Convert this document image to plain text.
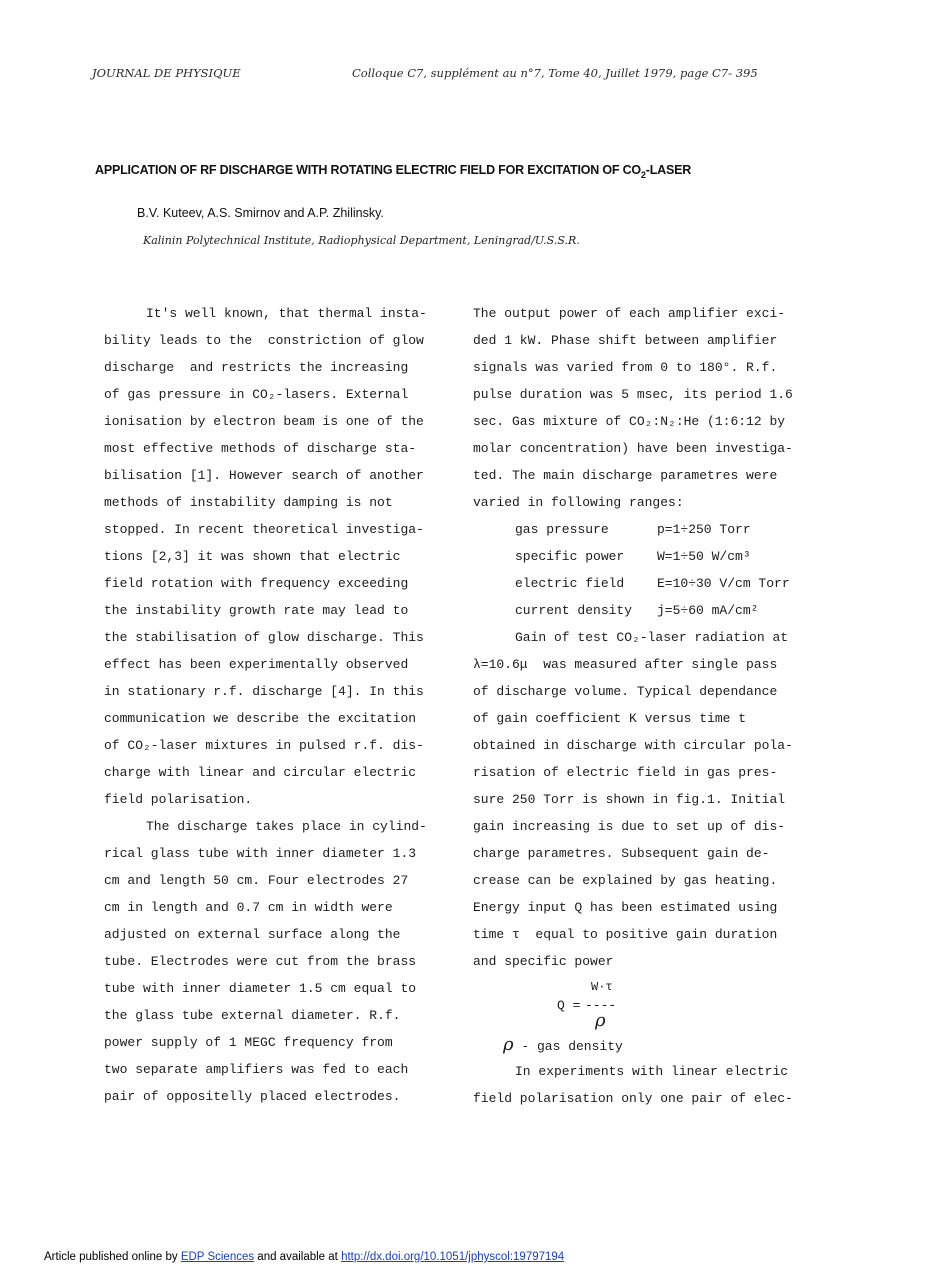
JOURNAL DE PHYSIQUE	Colloque C7, supplément au n°7, Tome 40, Juillet 1979, page C7- 395
APPLICATION OF RF DISCHARGE WITH ROTATING ELECTRIC FIELD FOR EXCITATION OF $CO_2$-LASER
B.V. Kuteev, A.S. Smirnov and A.P. Zhilinsky.
Kalinin Polytechnical Institute, Radiophysical Department, Leningrad/U.S.S.R.
It's well known, that thermal insta-
bility leads to the  constriction of glow
discharge  and restricts the increasing
of gas pressure in CO₂-lasers. External
ionisation by electron beam is one of the
most effective methods of discharge sta-
bilisation [1]. However search of another
methods of instability damping is not
stopped. In recent theoretical investiga-
tions [2,3] it was shown that electric
field rotation with frequency exceeding
the instability growth rate may lead to
the stabilisation of glow discharge. This
effect has been experimentally observed
in stationary r.f. discharge [4]. In this
communication we describe the excitation
of CO₂-laser mixtures in pulsed r.f. dis-
charge with linear and circular electric
field polarisation.
The discharge takes place in cylind-
rical glass tube with inner diameter 1.3
cm and length 50 cm. Four electrodes 27
cm in length and 0.7 cm in width were
adjusted on external surface along the
tube. Electrodes were cut from the brass
tube with inner diameter 1.5 cm equal to
the glass tube external diameter. R.f.
power supply of 1 MEGC frequency from
two separate amplifiers was fed to each
pair of oppositelly placed electrodes.
The output power of each amplifier exci-
ded 1 kW. Phase shift between amplifier
signals was varied from 0 to 180°. R.f.
pulse duration was 5 msec, its period 1.6
sec. Gas mixture of CO₂:N₂:He (1:6:12 by
molar concentration) have been investiga-
ted. The main discharge parametres were
varied in following ranges:
gas pressure	p=1÷250 Torr
specific power	W=1÷50 W/cm³
electric field	E=10÷30 V/cm Torr
current density	j=5÷60 mA/cm²
Gain of test CO₂-laser radiation at
λ=10.6μ  was measured after single pass
of discharge volume. Typical dependance
of gain coefficient K versus time t
obtained in discharge with circular pola-
risation of electric field in gas pres-
sure 250 Torr is shown in fig.1. Initial
gain increasing is due to set up of dis-
charge parametres. Subsequent gain de-
crease can be explained by gas heating.
Energy input Q has been estimated using
time τ  equal to positive gain duration
and specific power
W·τ
Q = ----
ρ
ρ - gas density
In experiments with linear electric
field polarisation only one pair of elec-
Article published online by EDP Sciences and available at http://dx.doi.org/10.1051/jphyscol:19797194
